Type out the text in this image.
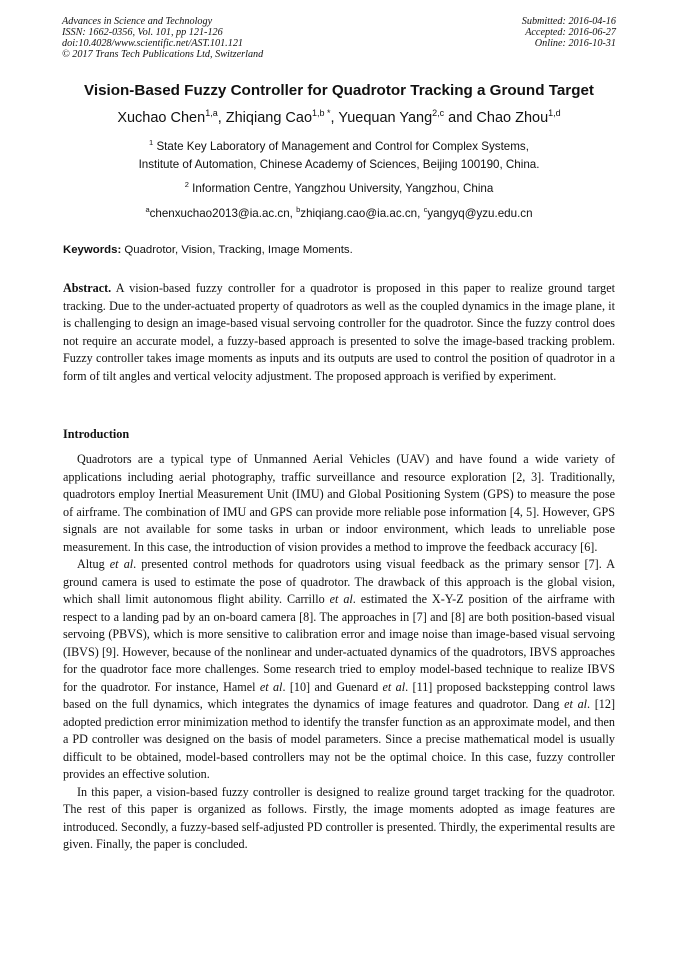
Advances in Science and Technology
ISSN: 1662-0356, Vol. 101, pp 121-126
doi:10.4028/www.scientific.net/AST.101.121
© 2017 Trans Tech Publications Ltd, Switzerland
Submitted: 2016-04-16
Accepted: 2016-06-27
Online: 2016-10-31
Vision-Based Fuzzy Controller for Quadrotor Tracking a Ground Target
Xuchao Chen$^{1,a}$, Zhiqiang Cao$^{1,b *}$, Yuequan Yang$^{2,c}$ and Chao Zhou$^{1,d}$
$^1$ State Key Laboratory of Management and Control for Complex Systems,
Institute of Automation, Chinese Academy of Sciences, Beijing 100190, China.
$^2$ Information Centre, Yangzhou University, Yangzhou, China
$^a$chenxuchao2013@ia.ac.cn, $^b$zhiqiang.cao@ia.ac.cn, $^c$yangyq@yzu.edu.cn
Keywords: Quadrotor, Vision, Tracking, Image Moments.

Abstract. A vision-based fuzzy controller for a quadrotor is proposed in this paper to realize ground target tracking. Due to the under-actuated property of quadrotors as well as the coupled dynamics in the image plane, it is challenging to design an image-based visual servoing controller for the quadrotor. Since the fuzzy control does not require an accurate model, a fuzzy-based approach is presented to solve the image-based tracking problem. Fuzzy controller takes image moments as inputs and its outputs are used to control the position of quadrotor in a form of tilt angles and vertical velocity adjustment. The proposed approach is verified by experiment.

Introduction

Quadrotors are a typical type of Unmanned Aerial Vehicles (UAV) and have found a wide variety of applications including aerial photography, traffic surveillance and resource exploration [2, 3]. Traditionally, quadrotors employ Inertial Measurement Unit (IMU) and Global Positioning System (GPS) to measure the pose of airframe. The combination of IMU and GPS can provide more reliable pose information [4, 5]. However, GPS signals are not available for some tasks in urban or indoor environment, which leads to unreliable pose measurement. In this case, the introduction of vision provides a method to improve the feedback accuracy [6].

Altug et al. presented control methods for quadrotors using visual feedback as the primary sensor [7]. A ground camera is used to estimate the pose of quadrotor. The drawback of this approach is the global vision, which shall limit autonomous flight ability. Carrillo et al. estimated the X-Y-Z position of the airframe with respect to a landing pad by an on-board camera [8]. The approaches in [7] and [8] are both position-based visual servoing (PBVS), which is more sensitive to calibration error and image noise than image-based visual servoing (IBVS) [9]. However, because of the nonlinear and under-actuated dynamics of the quadrotors, IBVS approaches for the quadrotor face more challenges. Some research tried to employ model-based technique to realize IBVS for the quadrotor. For instance, Hamel et al. [10] and Guenard et al. [11] proposed backstepping control laws based on the full dynamics, which integrates the dynamics of image features and quadrotor. Dang et al. [12] adopted prediction error minimization method to identify the transfer function as an approximate model, and then a PD controller was designed on the basis of model parameters. Since a precise mathematical model is usually difficult to be obtained, model-based controllers may not be the optimal choice. In this case, fuzzy controller provides an effective solution.

In this paper, a vision-based fuzzy controller is designed to realize ground target tracking for the quadrotor. The rest of this paper is organized as follows. Firstly, the image moments adopted as image features are introduced. Secondly, a fuzzy-based self-adjusted PD controller is presented. Thirdly, the experimental results are given. Finally, the paper is concluded.
